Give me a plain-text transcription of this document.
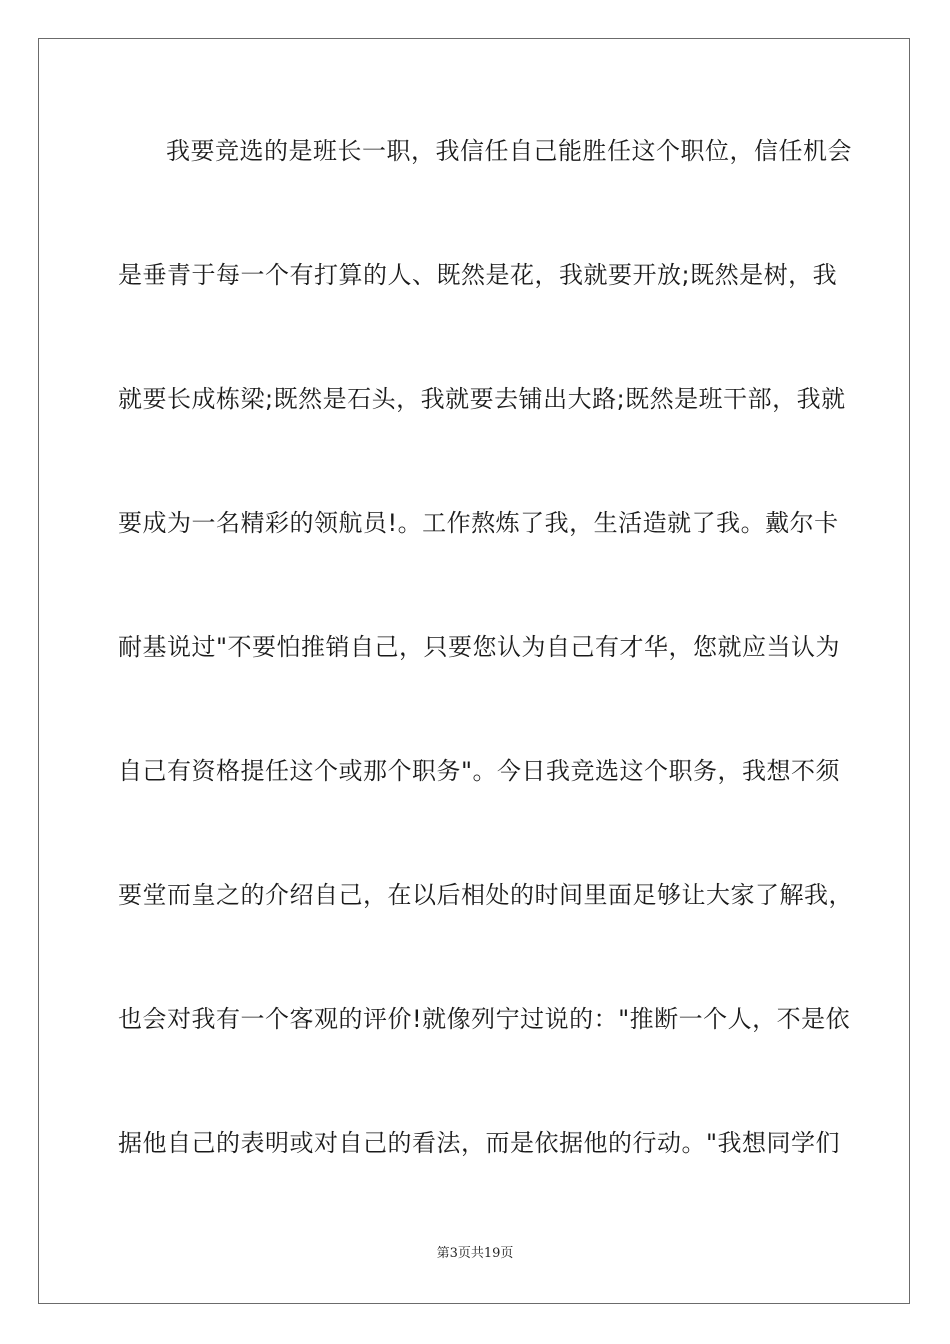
我要竞选的是班长一职，我信任自己能胜任这个职位，信任机会
是垂青于每一个有打算的人、既然是花，我就要开放;既然是树，我
就要长成栋梁;既然是石头，我就要去铺出大路;既然是班干部，我就
要成为一名精彩的领航员!。工作熬炼了我，生活造就了我。戴尔卡
耐基说过"不要怕推销自己，只要您认为自己有才华，您就应当认为
自己有资格提任这个或那个职务"。今日我竞选这个职务，我想不须
要堂而皇之的介绍自己，在以后相处的时间里面足够让大家了解我，
也会对我有一个客观的评价!就像列宁过说的："推断一个人，不是依
据他自己的表明或对自己的看法，而是依据他的行动。"我想同学们
第3页共19页
